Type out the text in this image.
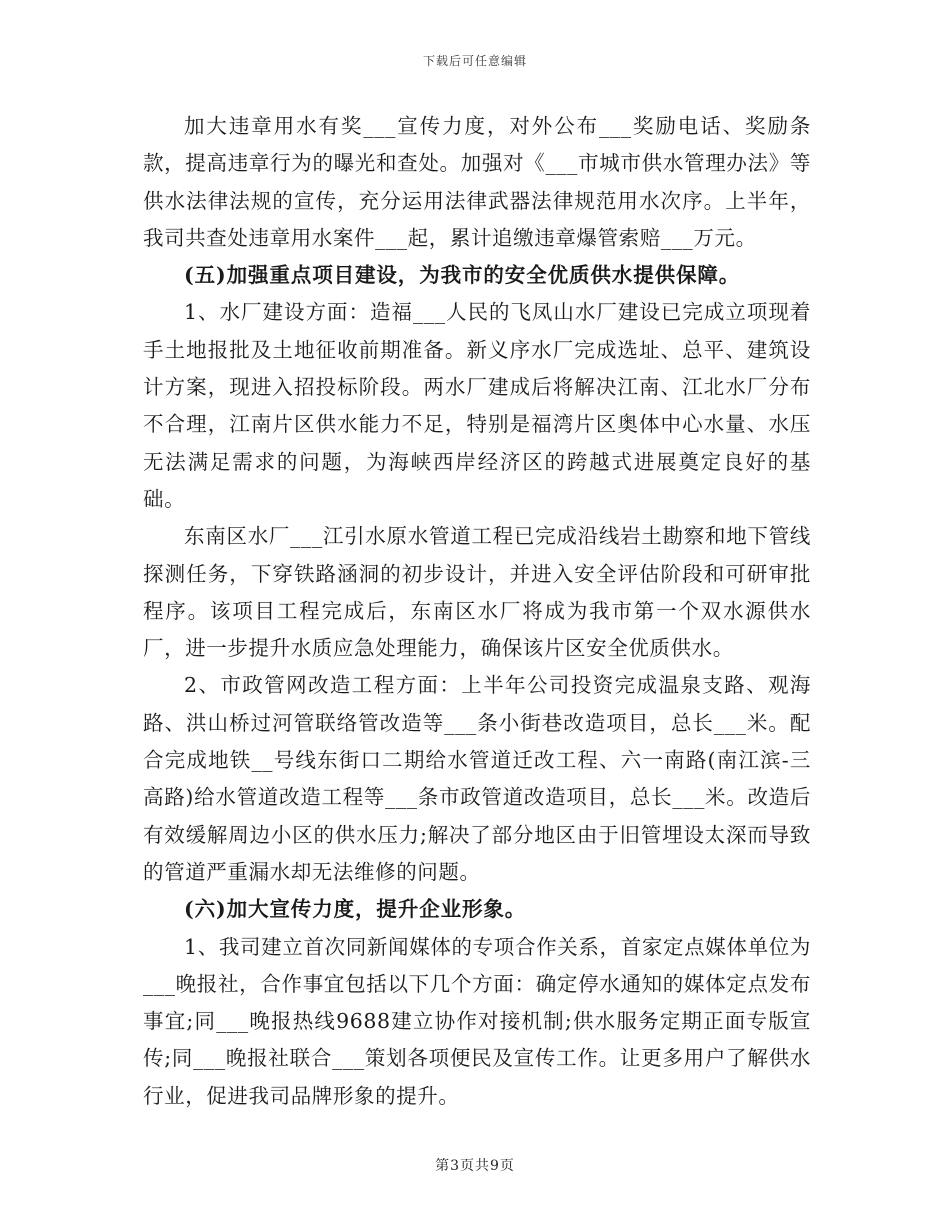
下载后可任意编辑

加大违章用水有奖___宣传力度，对外公布___奖励电话、奖励条款，提高违章行为的曝光和查处。加强对《___市城市供水管理办法》等供水法律法规的宣传，充分运用法律武器法律规范用水次序。上半年，我司共查处违章用水案件___起，累计追缴违章爆管索赔___万元。

(五)加强重点项目建设，为我市的安全优质供水提供保障。

1、水厂建设方面：造福___人民的飞凤山水厂建设已完成立项现着手土地报批及土地征收前期准备。新义序水厂完成选址、总平、建筑设计方案，现进入招投标阶段。两水厂建成后将解决江南、江北水厂分布不合理，江南片区供水能力不足，特别是福湾片区奥体中心水量、水压无法满足需求的问题，为海峡西岸经济区的跨越式进展奠定良好的基础。

东南区水厂___江引水原水管道工程已完成沿线岩土勘察和地下管线探测任务，下穿铁路涵洞的初步设计，并进入安全评估阶段和可研审批程序。该项目工程完成后，东南区水厂将成为我市第一个双水源供水厂，进一步提升水质应急处理能力，确保该片区安全优质供水。

2、市政管网改造工程方面：上半年公司投资完成温泉支路、观海路、洪山桥过河管联络管改造等___条小街巷改造项目，总长___米。配合完成地铁__号线东街口二期给水管道迁改工程、六一南路(南江滨-三高路)给水管道改造工程等___条市政管道改造项目，总长___米。改造后有效缓解周边小区的供水压力;解决了部分地区由于旧管埋设太深而导致的管道严重漏水却无法维修的问题。

(六)加大宣传力度，提升企业形象。

1、我司建立首次同新闻媒体的专项合作关系，首家定点媒体单位为___晚报社，合作事宜包括以下几个方面：确定停水通知的媒体定点发布事宜;同___晚报热线9688建立协作对接机制;供水服务定期正面专版宣传;同___晚报社联合___策划各项便民及宣传工作。让更多用户了解供水行业，促进我司品牌形象的提升。

第3页共9页
